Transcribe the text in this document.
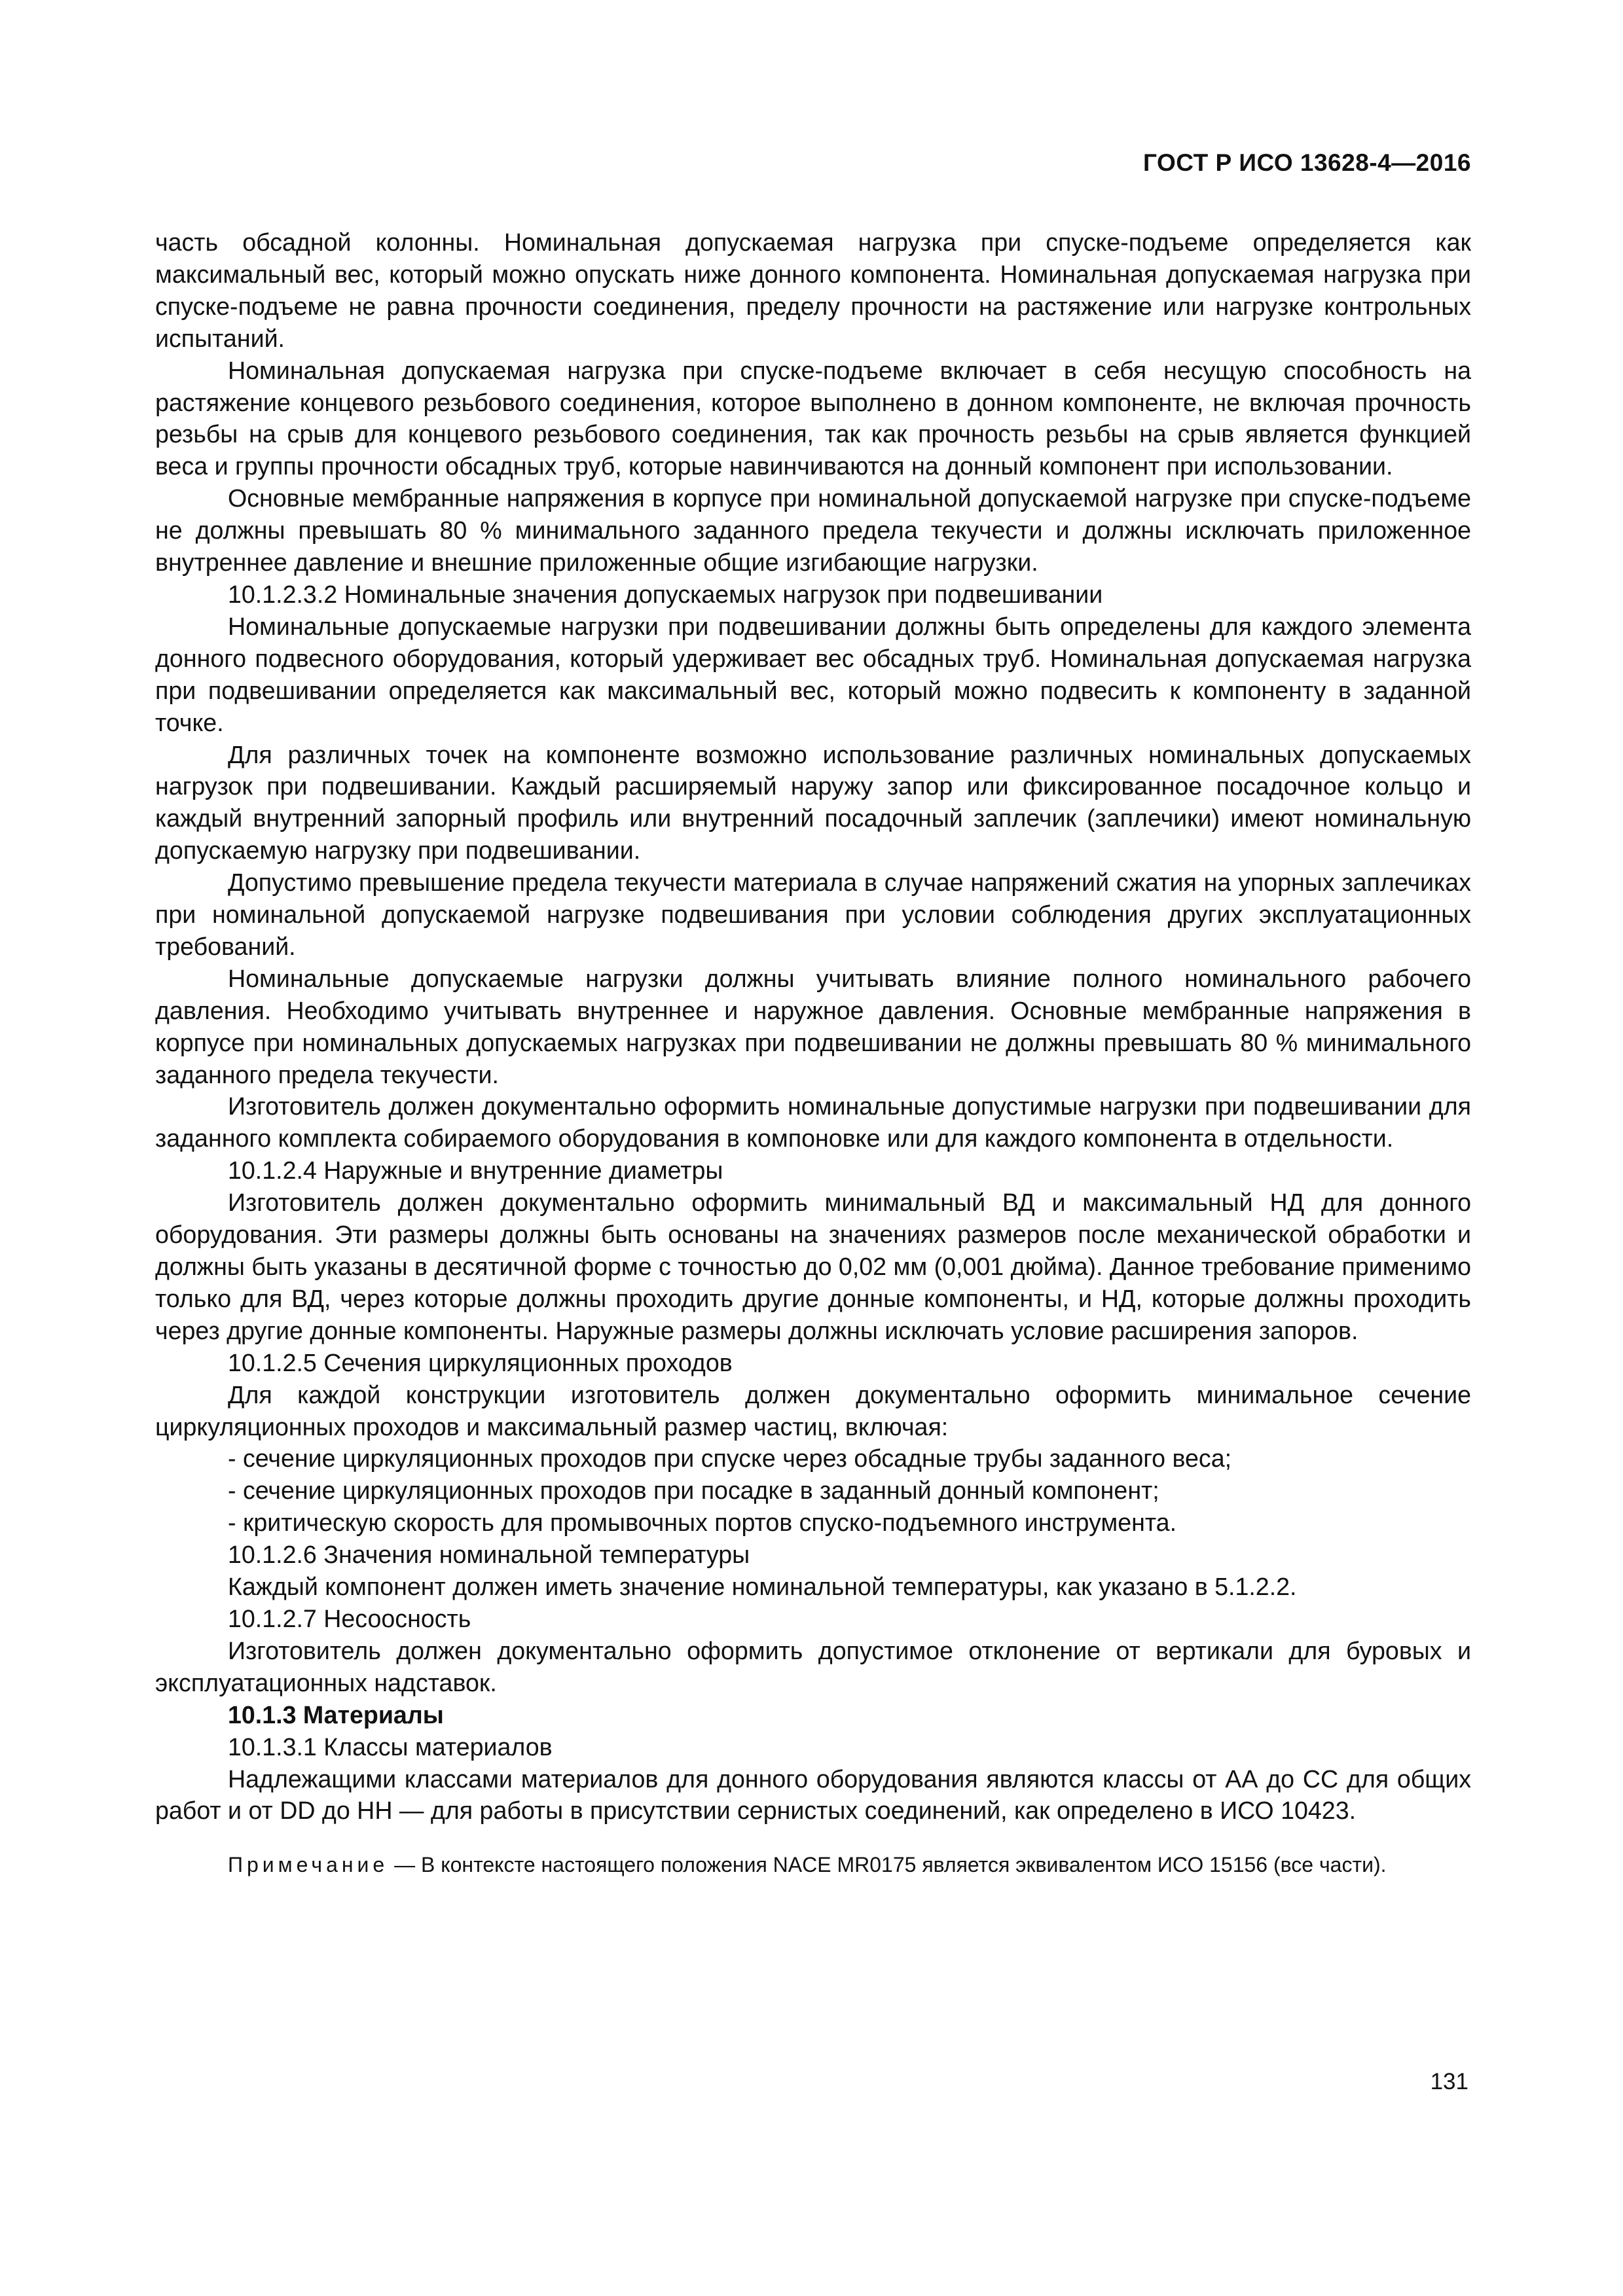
ГОСТ Р ИСО 13628-4—2016

часть обсадной колонны. Номинальная допускаемая нагрузка при спуске-подъеме определяется как максимальный вес, который можно опускать ниже донного компонента. Номинальная допускаемая нагрузка при спуске-подъеме не равна прочности соединения, пределу прочности на растяжение или нагрузке контрольных испытаний.

Номинальная допускаемая нагрузка при спуске-подъеме включает в себя несущую способность на растяжение концевого резьбового соединения, которое выполнено в донном компоненте, не включая прочность резьбы на срыв для концевого резьбового соединения, так как прочность резьбы на срыв является функцией веса и группы прочности обсадных труб, которые навинчиваются на донный компонент при использовании.

Основные мембранные напряжения в корпусе при номинальной допускаемой нагрузке при спуске-подъеме не должны превышать 80 % минимального заданного предела текучести и должны исключать приложенное внутреннее давление и внешние приложенные общие изгибающие нагрузки.

10.1.2.3.2 Номинальные значения допускаемых нагрузок при подвешивании

Номинальные допускаемые нагрузки при подвешивании должны быть определены для каждого элемента донного подвесного оборудования, который удерживает вес обсадных труб. Номинальная допускаемая нагрузка при подвешивании определяется как максимальный вес, который можно подвесить к компоненту в заданной точке.

Для различных точек на компоненте возможно использование различных номинальных допускаемых нагрузок при подвешивании. Каждый расширяемый наружу запор или фиксированное посадочное кольцо и каждый внутренний запорный профиль или внутренний посадочный заплечик (заплечики) имеют номинальную допускаемую нагрузку при подвешивании.

Допустимо превышение предела текучести материала в случае напряжений сжатия на упорных заплечиках при номинальной допускаемой нагрузке подвешивания при условии соблюдения других эксплуатационных требований.

Номинальные допускаемые нагрузки должны учитывать влияние полного номинального рабочего давления. Необходимо учитывать внутреннее и наружное давления. Основные мембранные напряжения в корпусе при номинальных допускаемых нагрузках при подвешивании не должны превышать 80 % минимального заданного предела текучести.

Изготовитель должен документально оформить номинальные допустимые нагрузки при подвешивании для заданного комплекта собираемого оборудования в компоновке или для каждого компонента в отдельности.

10.1.2.4 Наружные и внутренние диаметры

Изготовитель должен документально оформить минимальный ВД и максимальный НД для донного оборудования. Эти размеры должны быть основаны на значениях размеров после механической обработки и должны быть указаны в десятичной форме с точностью до 0,02 мм (0,001 дюйма). Данное требование применимо только для ВД, через которые должны проходить другие донные компоненты, и НД, которые должны проходить через другие донные компоненты. Наружные размеры должны исключать условие расширения запоров.

10.1.2.5 Сечения циркуляционных проходов

Для каждой конструкции изготовитель должен документально оформить минимальное сечение циркуляционных проходов и максимальный размер частиц, включая:

- сечение циркуляционных проходов при спуске через обсадные трубы заданного веса;

- сечение циркуляционных проходов при посадке в заданный донный компонент;

- критическую скорость для промывочных портов спуско-подъемного инструмента.

10.1.2.6 Значения номинальной температуры

Каждый компонент должен иметь значение номинальной температуры, как указано в 5.1.2.2.

10.1.2.7 Несоосность

Изготовитель должен документально оформить допустимое отклонение от вертикали для буровых и эксплуатационных надставок.

10.1.3 Материалы

10.1.3.1 Классы материалов

Надлежащими классами материалов для донного оборудования являются классы от АА до СС для общих работ и от DD до НН — для работы в присутствии сернистых соединений, как определено в ИСО 10423.

Примечание — В контексте настоящего положения NACE MR0175 является эквивалентом ИСО 15156 (все части).

131
